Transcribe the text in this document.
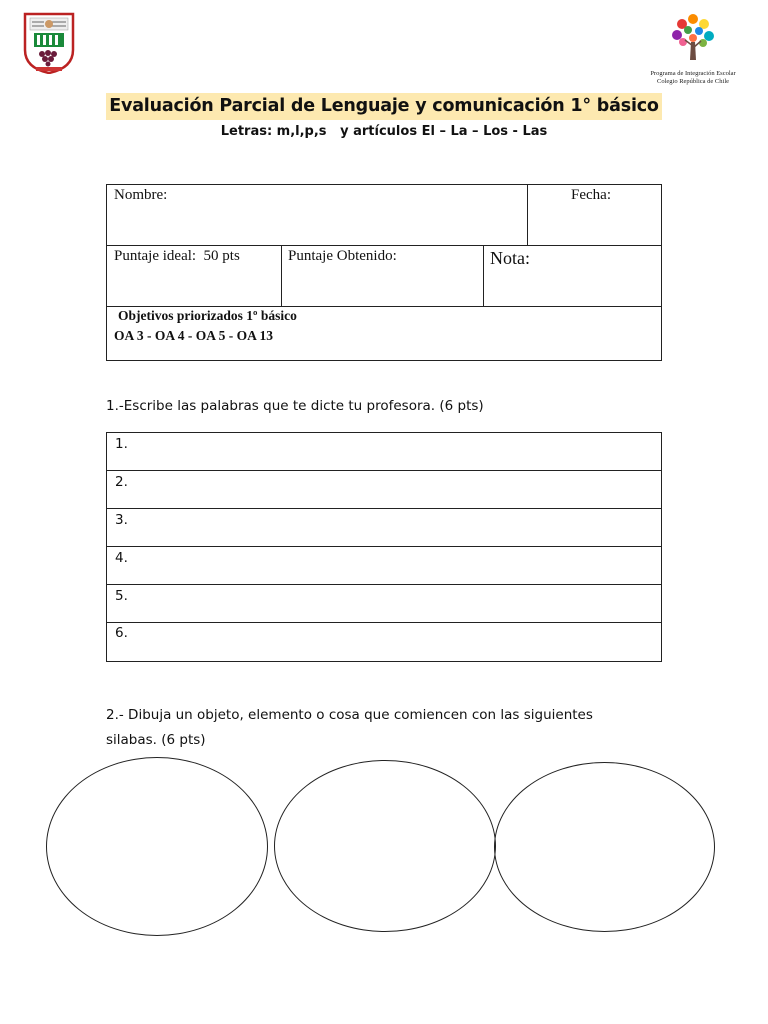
Programa de Integración Escolar
Colegio República de Chile
Evaluación Parcial de Lenguaje y comunicación 1° básico
Letras: m,l,p,s   y artículos El – La – Los - Las
Nombre:	Fecha:
Puntaje ideal:  50 pts	Puntaje Obtenido:	Nota:
Objetivos priorizados 1º básico
OA 3 - OA 4 - OA 5 - OA 13
1.-Escribe las palabras que te dicte tu profesora. (6 pts)
1.
2.
3.
4.
5.
6.
2.- Dibuja un objeto, elemento o cosa que comiencen con las siguientes
silabas. (6 pts)
